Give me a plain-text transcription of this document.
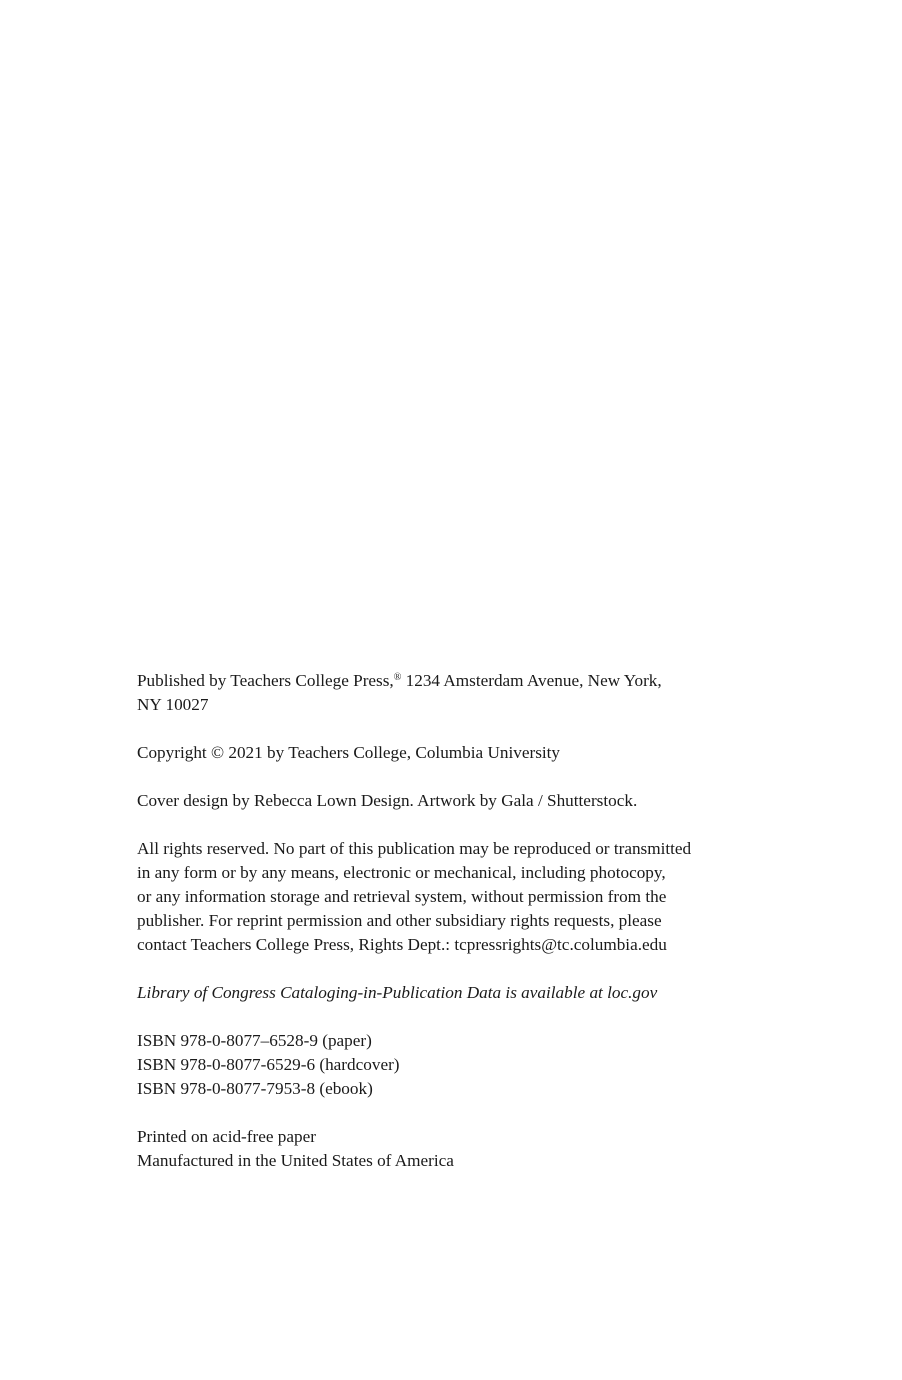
Published by Teachers College Press,® 1234 Amsterdam Avenue, New York,
NY 10027

Copyright © 2021 by Teachers College, Columbia University

Cover design by Rebecca Lown Design. Artwork by Gala / Shutterstock.

All rights reserved. No part of this publication may be reproduced or transmitted
in any form or by any means, electronic or mechanical, including photocopy,
or any information storage and retrieval system, without permission from the
publisher. For reprint permission and other subsidiary rights requests, please
contact Teachers College Press, Rights Dept.: tcpressrights@tc.columbia.edu

Library of Congress Cataloging-in-Publication Data is available at loc.gov

ISBN 978-0-8077–6528-9 (paper)
ISBN 978-0-8077-6529-6 (hardcover)
ISBN 978-0-8077-7953-8 (ebook)

Printed on acid-free paper
Manufactured in the United States of America
